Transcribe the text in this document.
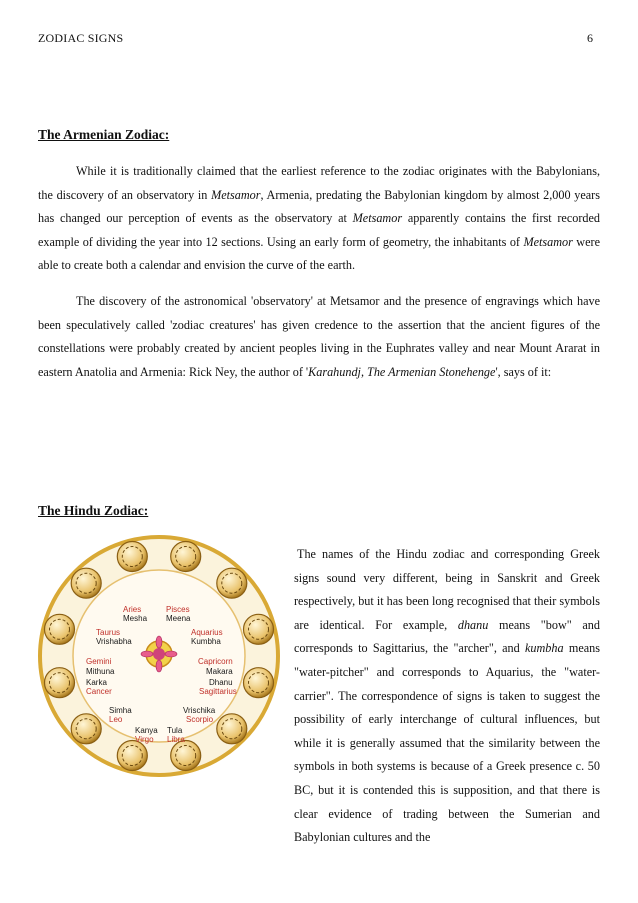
ZODIAC SIGNS	6
The Armenian Zodiac:

While it is traditionally claimed that the earliest reference to the zodiac originates with the Babylonians, the discovery of an observatory in Metsamor, Armenia, predating the Babylonian kingdom by almost 2,000 years has changed our perception of events as the observatory at Metsamor apparently contains the first recorded example of dividing the year into 12 sections. Using an early form of geometry, the inhabitants of Metsamor were able to create both a calendar and envision the curve of the earth.

The discovery of the astronomical 'observatory' at Metsamor and the presence of engravings which have been speculatively called 'zodiac creatures' has given credence to the assertion that the ancient figures of the constellations were probably created by ancient peoples living in the Euphrates valley and near Mount Ararat in eastern Anatolia and Armenia: Rick Ney, the author of 'Karahundj, The Armenian Stonehenge', says of it:

The Hindu Zodiac:

The names of the Hindu zodiac and corresponding Greek signs sound very different, being in Sanskrit and Greek respectively, but it has been long recognised that their symbols are identical. For example, dhanu means "bow" and corresponds to Sagittarius, the "archer", and kumbha means "water-pitcher" and corresponds to Aquarius, the "water-carrier". The correspondence of signs is taken to suggest the possibility of early interchange of cultural influences, but while it is generally assumed that the similarity between the symbols in both systems is because of a Greek presence c. 50 BC, but it is contended this is supposition, and that there is clear evidence of trading between the Sumerian and Babylonian cultures and the

Aries
Mesha
Pisces
Meena
Taurus
Vrishabha
Aquarius
Kumbha
Gemini
Mithuna
Capricorn
Makara
Karka
Cancer
Dhanu
Sagittarius
Simha
Leo
Vrischika
Scorpio
Kanya
Virgo
Tula
Libra
